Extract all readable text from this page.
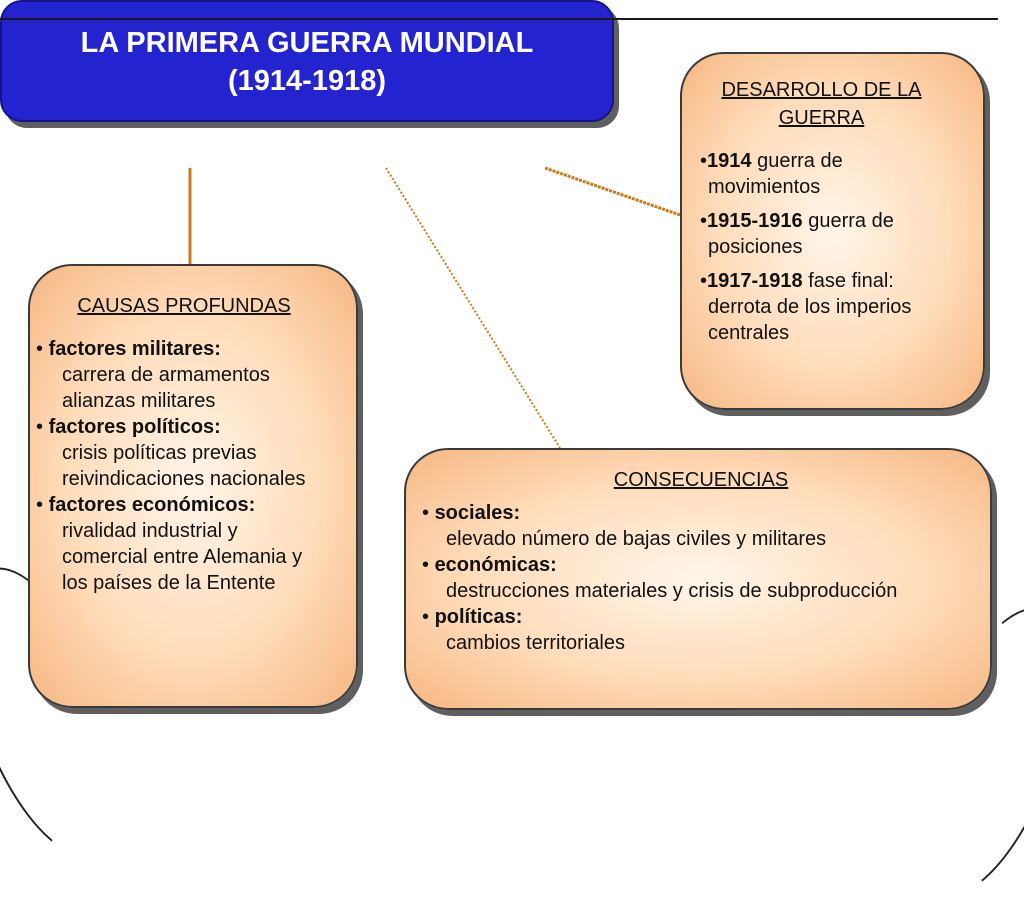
LA PRIMERA GUERRA MUNDIAL
(1914-1918)
CAUSAS PROFUNDAS
• factores militares:
carrera de armamentos
alianzas militares
• factores políticos:
crisis políticas previas
reivindicaciones nacionales
• factores económicos:
rivalidad industrial y
comercial entre Alemania y
los países de la Entente
DESARROLLO DE LA
GUERRA
•1914 guerra de
movimientos
•1915-1916 guerra de
posiciones
•1917-1918 fase final:
derrota de los imperios
centrales
CONSECUENCIAS
• sociales:
elevado número de bajas civiles y militares
• económicas:
destrucciones materiales y crisis de subproducción
• políticas:
cambios territoriales
